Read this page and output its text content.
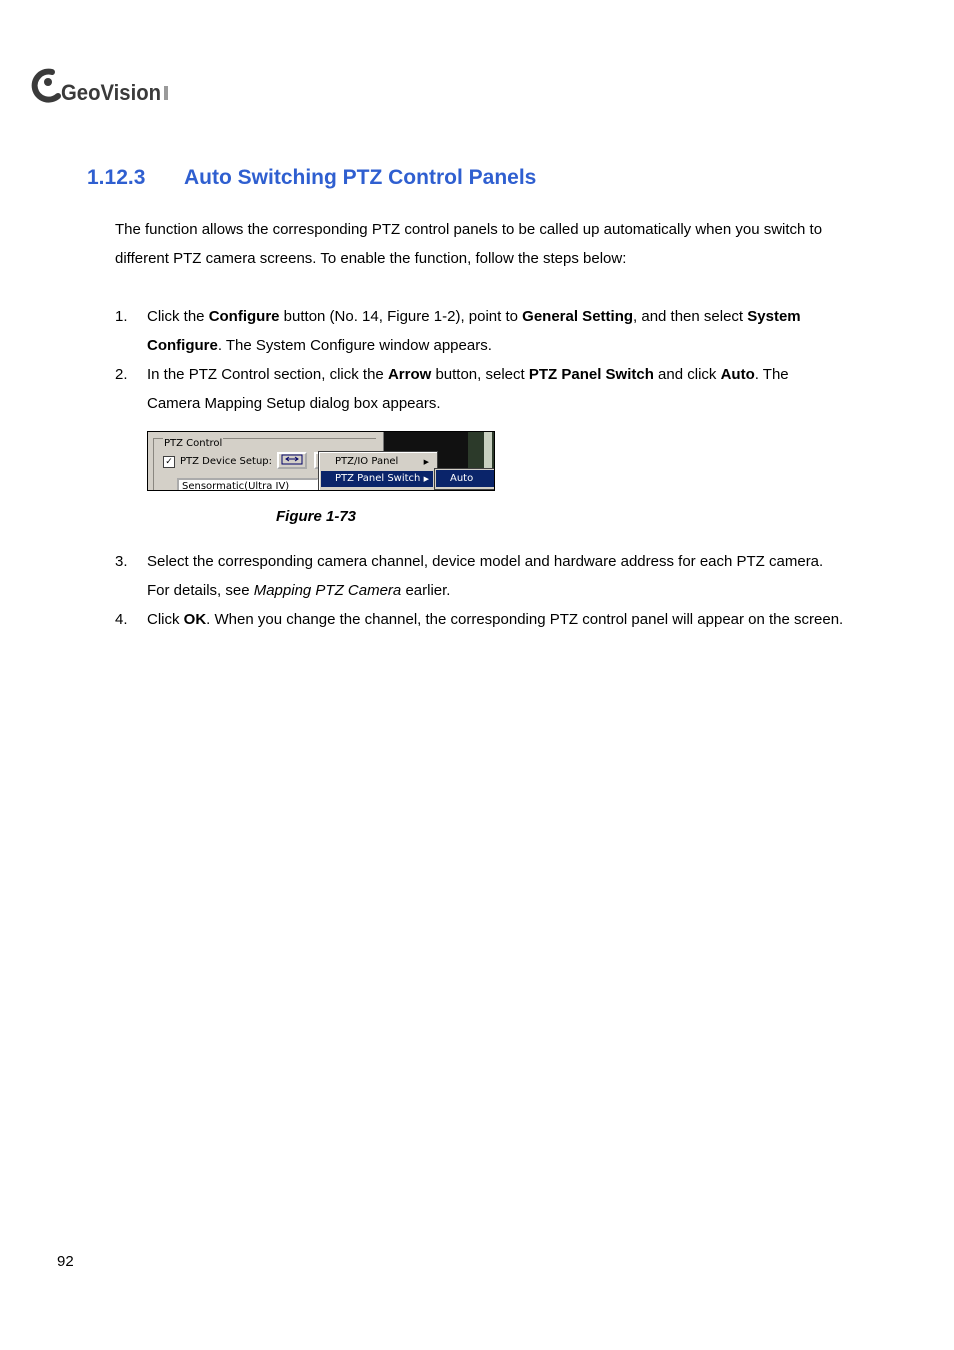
GeoVision
1.12.3 Auto Switching PTZ Control Panels

The function allows the corresponding PTZ control panels to be called up automatically when you switch to different PTZ camera screens. To enable the function, follow the steps below:

1. Click the Configure button (No. 14, Figure 1-2), point to General Setting, and then select System Configure. The System Configure window appears.
2. In the PTZ Control section, click the Arrow button, select PTZ Panel Switch and click Auto. The Camera Mapping Setup dialog box appears.
PTZ Control
✓ PTZ Device Setup:
Sensormatic(Ultra IV)
PTZ/IO Panel	▶
PTZ Panel Switch ▶	Auto
Figure 1-73
3. Select the corresponding camera channel, device model and hardware address for each PTZ camera. For details, see Mapping PTZ Camera earlier.
4. Click OK. When you change the channel, the corresponding PTZ control panel will appear on the screen.
92
